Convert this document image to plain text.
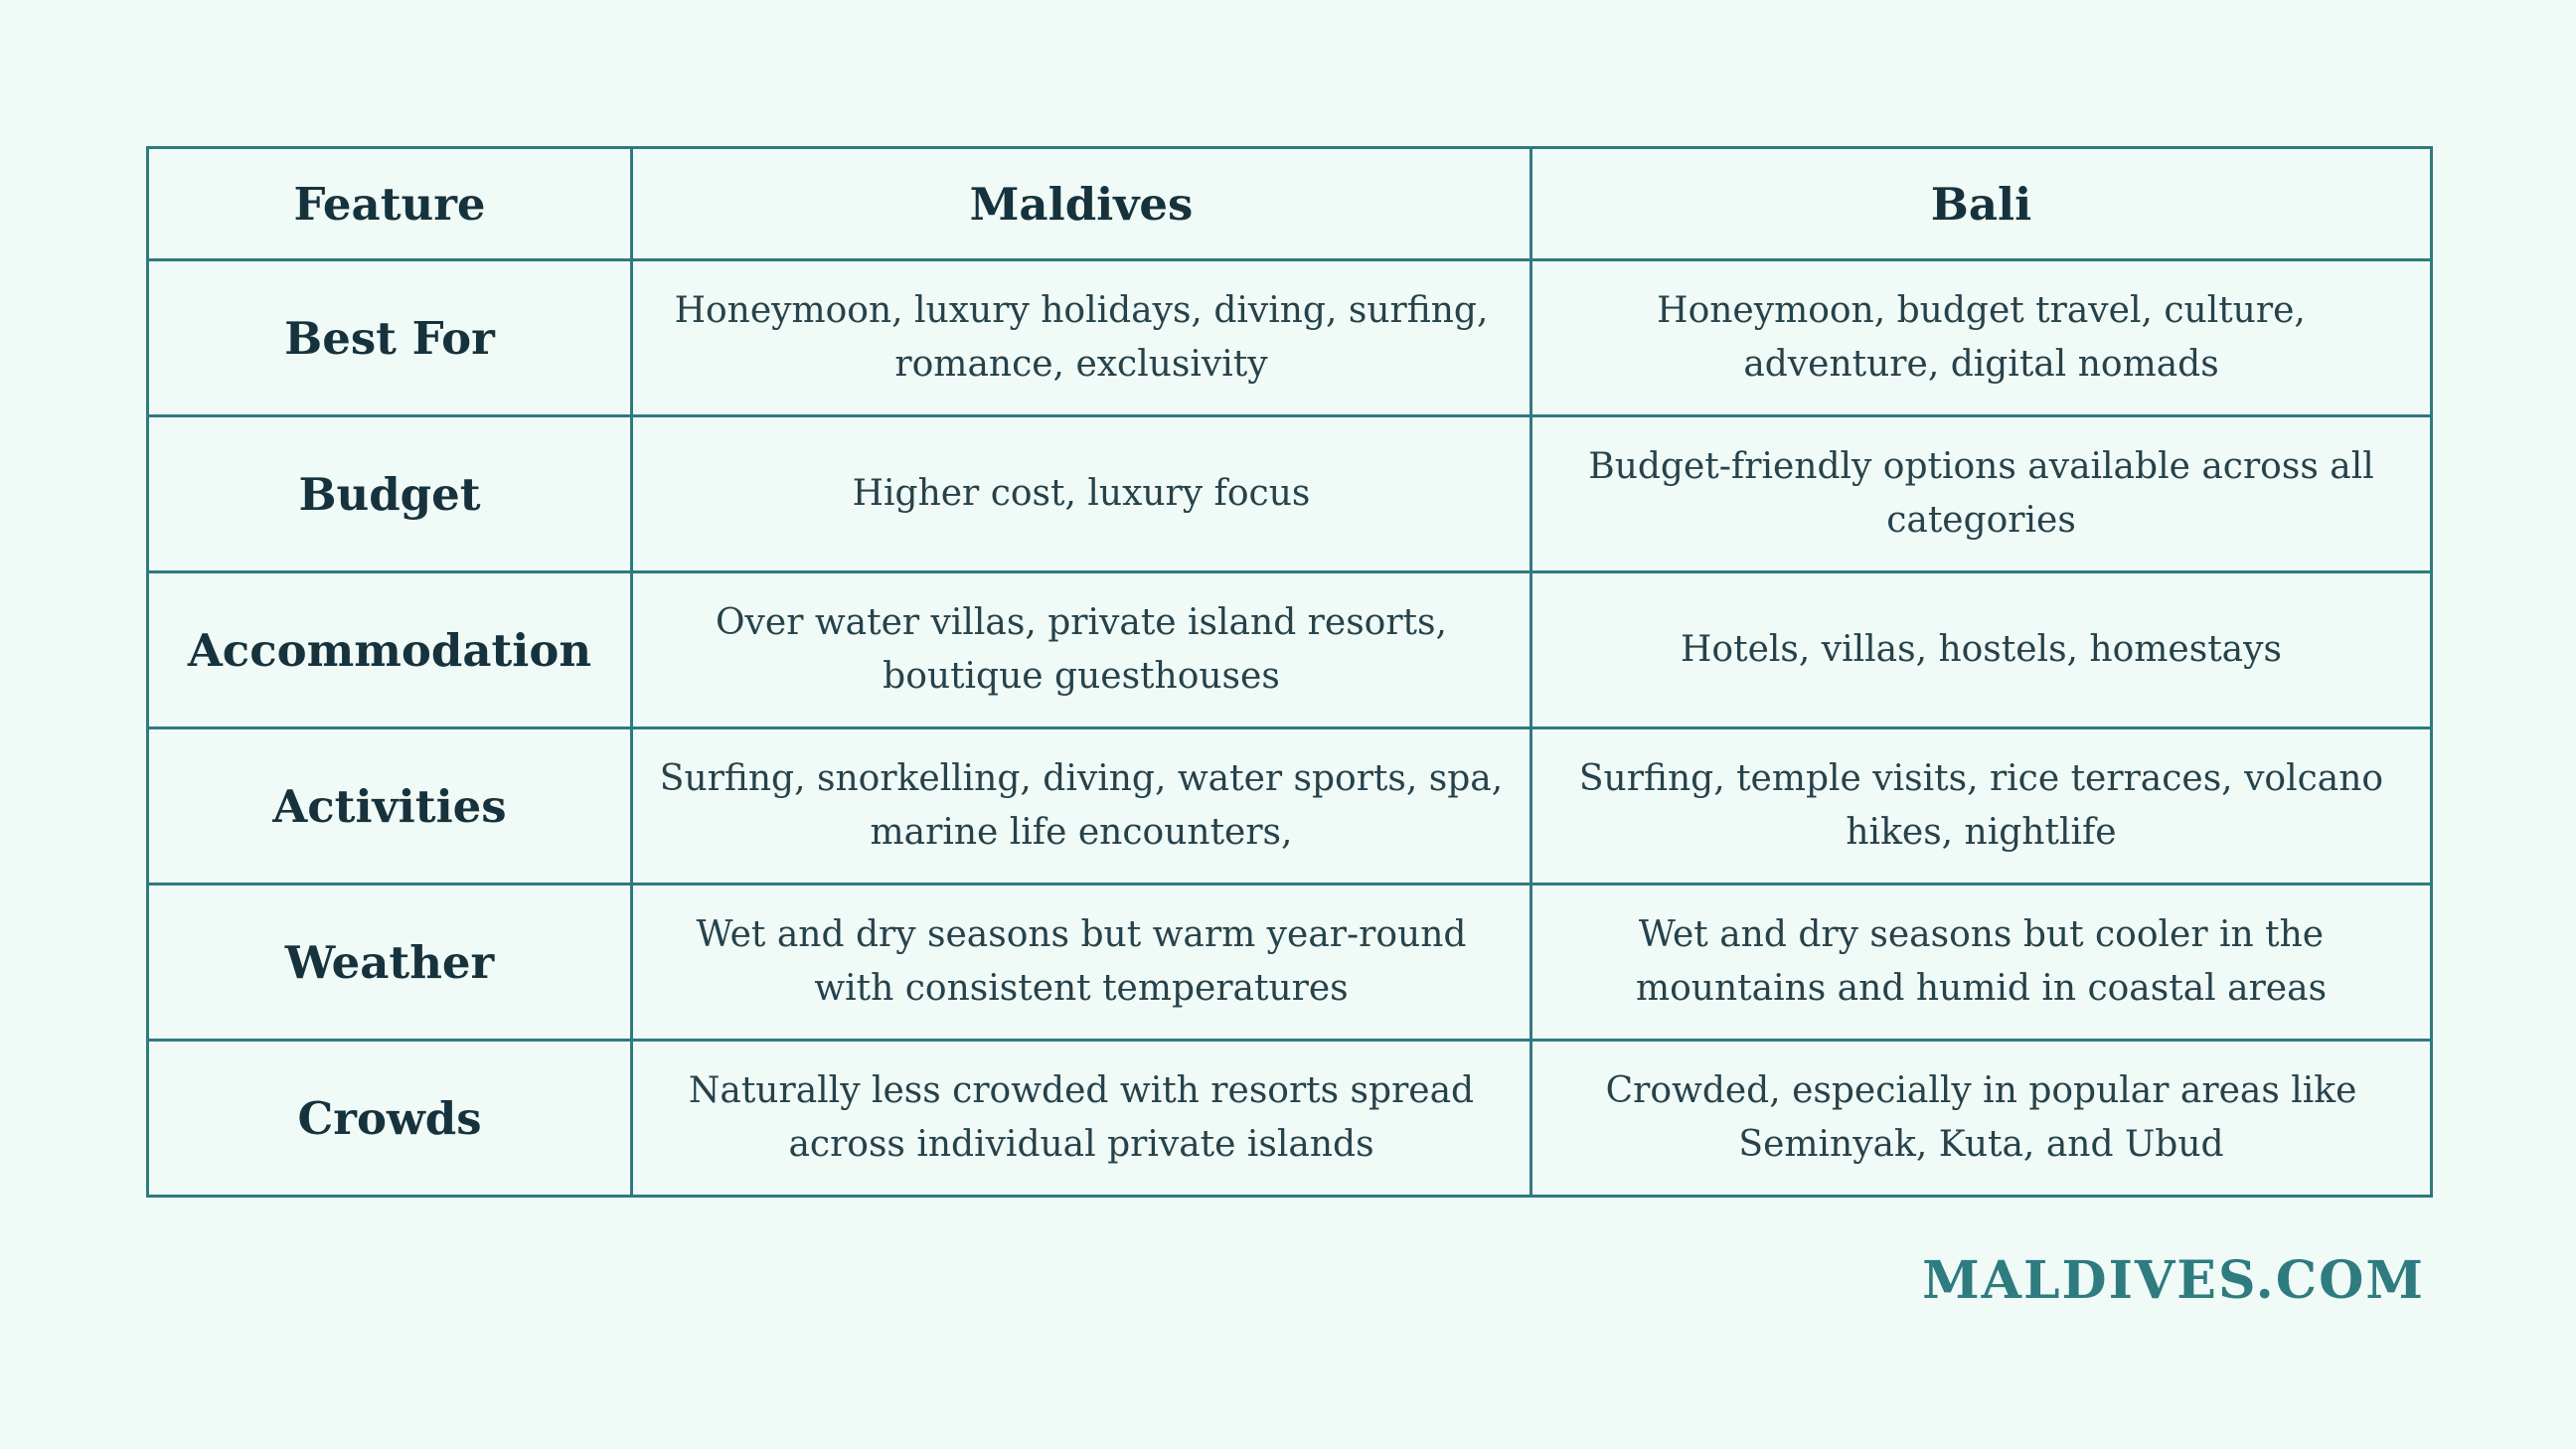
Feature	Maldives	Bali
Best For	Honeymoon, luxury holidays, diving, surfing, romance, exclusivity	Honeymoon, budget travel, culture, adventure, digital nomads
Budget	Higher cost, luxury focus	Budget-friendly options available across all categories
Accommodation	Over water villas, private island resorts, boutique guesthouses	Hotels, villas, hostels, homestays
Activities	Surfing, snorkelling, diving, water sports, spa, marine life encounters,	Surfing, temple visits, rice terraces, volcano hikes, nightlife
Weather	Wet and dry seasons but warm year-round with consistent temperatures	Wet and dry seasons but cooler in the mountains and humid in coastal areas
Crowds	Naturally less crowded with resorts spread across individual private islands	Crowded, especially in popular areas like Seminyak, Kuta, and Ubud
MALDIVES.COM
